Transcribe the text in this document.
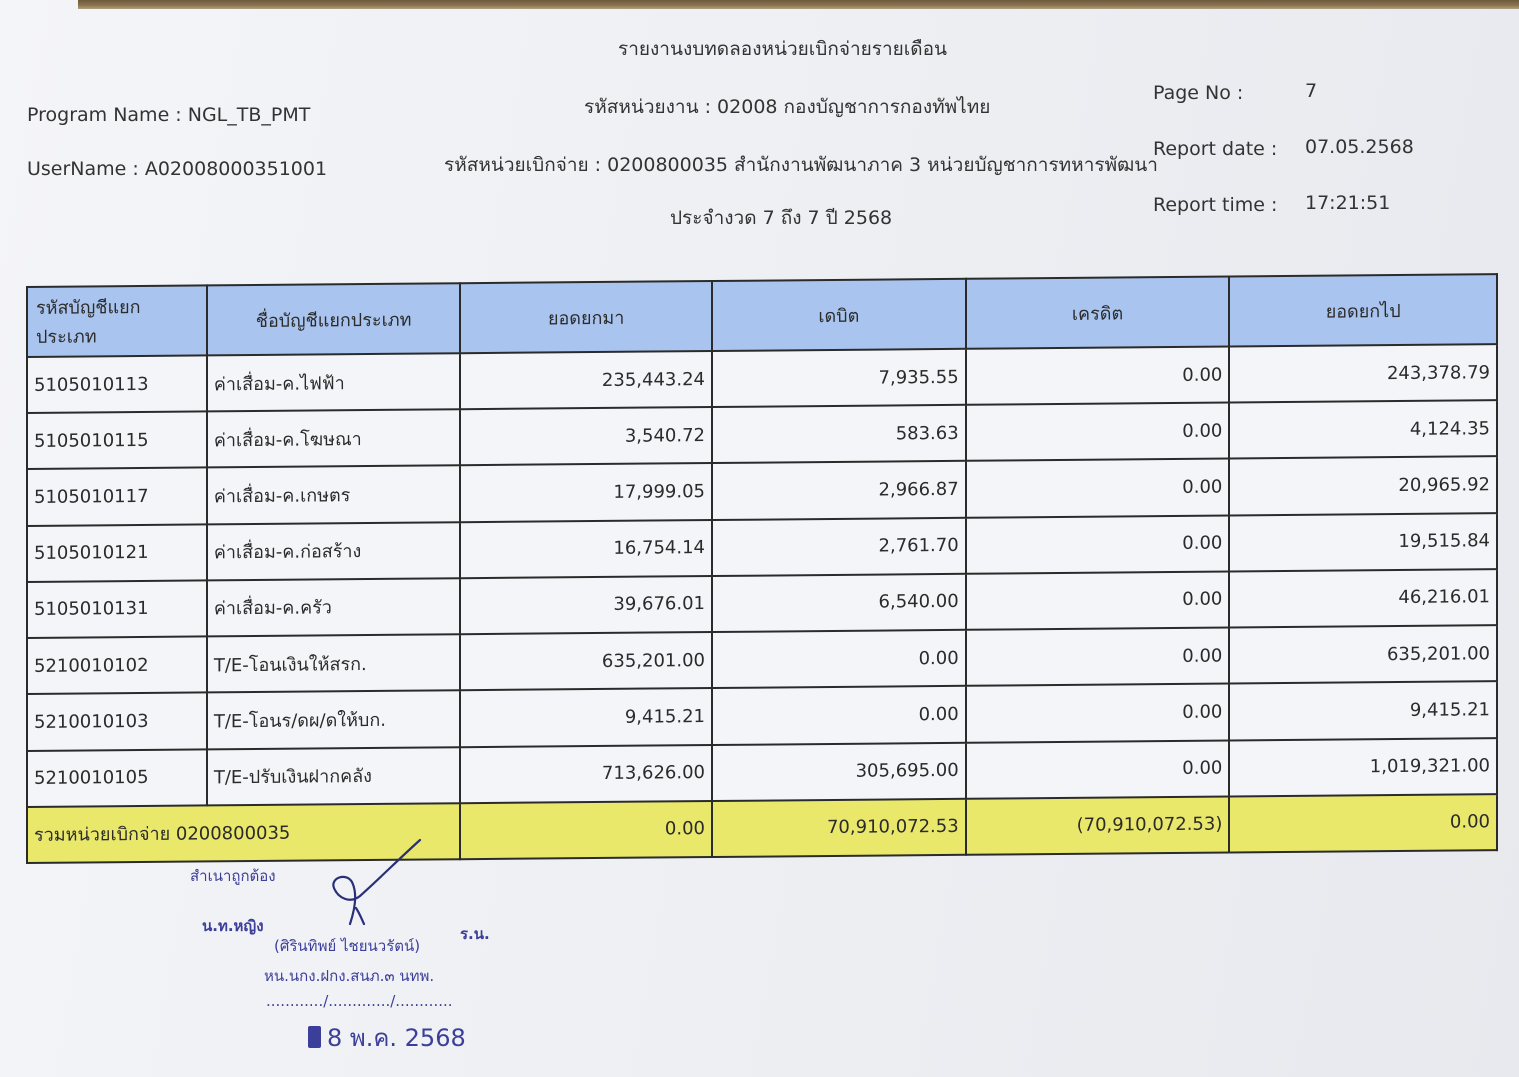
รายงานงบทดลองหน่วยเบิกจ่ายรายเดือน
Program Name : NGL_TB_PMT
UserName : A02008000351001
รหัสหน่วยงาน : 02008 กองบัญชาการกองทัพไทย
รหัสหน่วยเบิกจ่าย : 0200800035 สำนักงานพัฒนาภาค 3 หน่วยบัญชาการทหารพัฒนา
ประจำงวด 7 ถึง 7 ปี 2568
Page No :	7
Report date : 07.05.2568
Report time : 17:21:51
รหัสบัญชีแยกประเภท	ชื่อบัญชีแยกประเภท	ยอดยกมา	เดบิต	เครดิต	ยอดยกไป
5105010113	ค่าเสื่อม-ค.ไฟฟ้า	235,443.24	7,935.55	0.00	243,378.79
5105010115	ค่าเสื่อม-ค.โฆษณา	3,540.72	583.63	0.00	4,124.35
5105010117	ค่าเสื่อม-ค.เกษตร	17,999.05	2,966.87	0.00	20,965.92
5105010121	ค่าเสื่อม-ค.ก่อสร้าง	16,754.14	2,761.70	0.00	19,515.84
5105010131	ค่าเสื่อม-ค.ครัว	39,676.01	6,540.00	0.00	46,216.01
5210010102	T/E-โอนเงินให้สรก.	635,201.00	0.00	0.00	635,201.00
5210010103	T/E-โอนร/ดผ/ดให้บก.	9,415.21	0.00	0.00	9,415.21
5210010105	T/E-ปรับเงินฝากคลัง	713,626.00	305,695.00	0.00	1,019,321.00
รวมหน่วยเบิกจ่าย 0200800035		0.00	70,910,072.53	(70,910,072.53)	0.00
สำเนาถูกต้อง
น.ท.หญิง	ร.น.
(ศิรินทิพย์ ไชยนวรัตน์)
หน.นกง.ฝกง.สนภ.๓ นทพ.
............/............./............
8 พ.ค. 2568
